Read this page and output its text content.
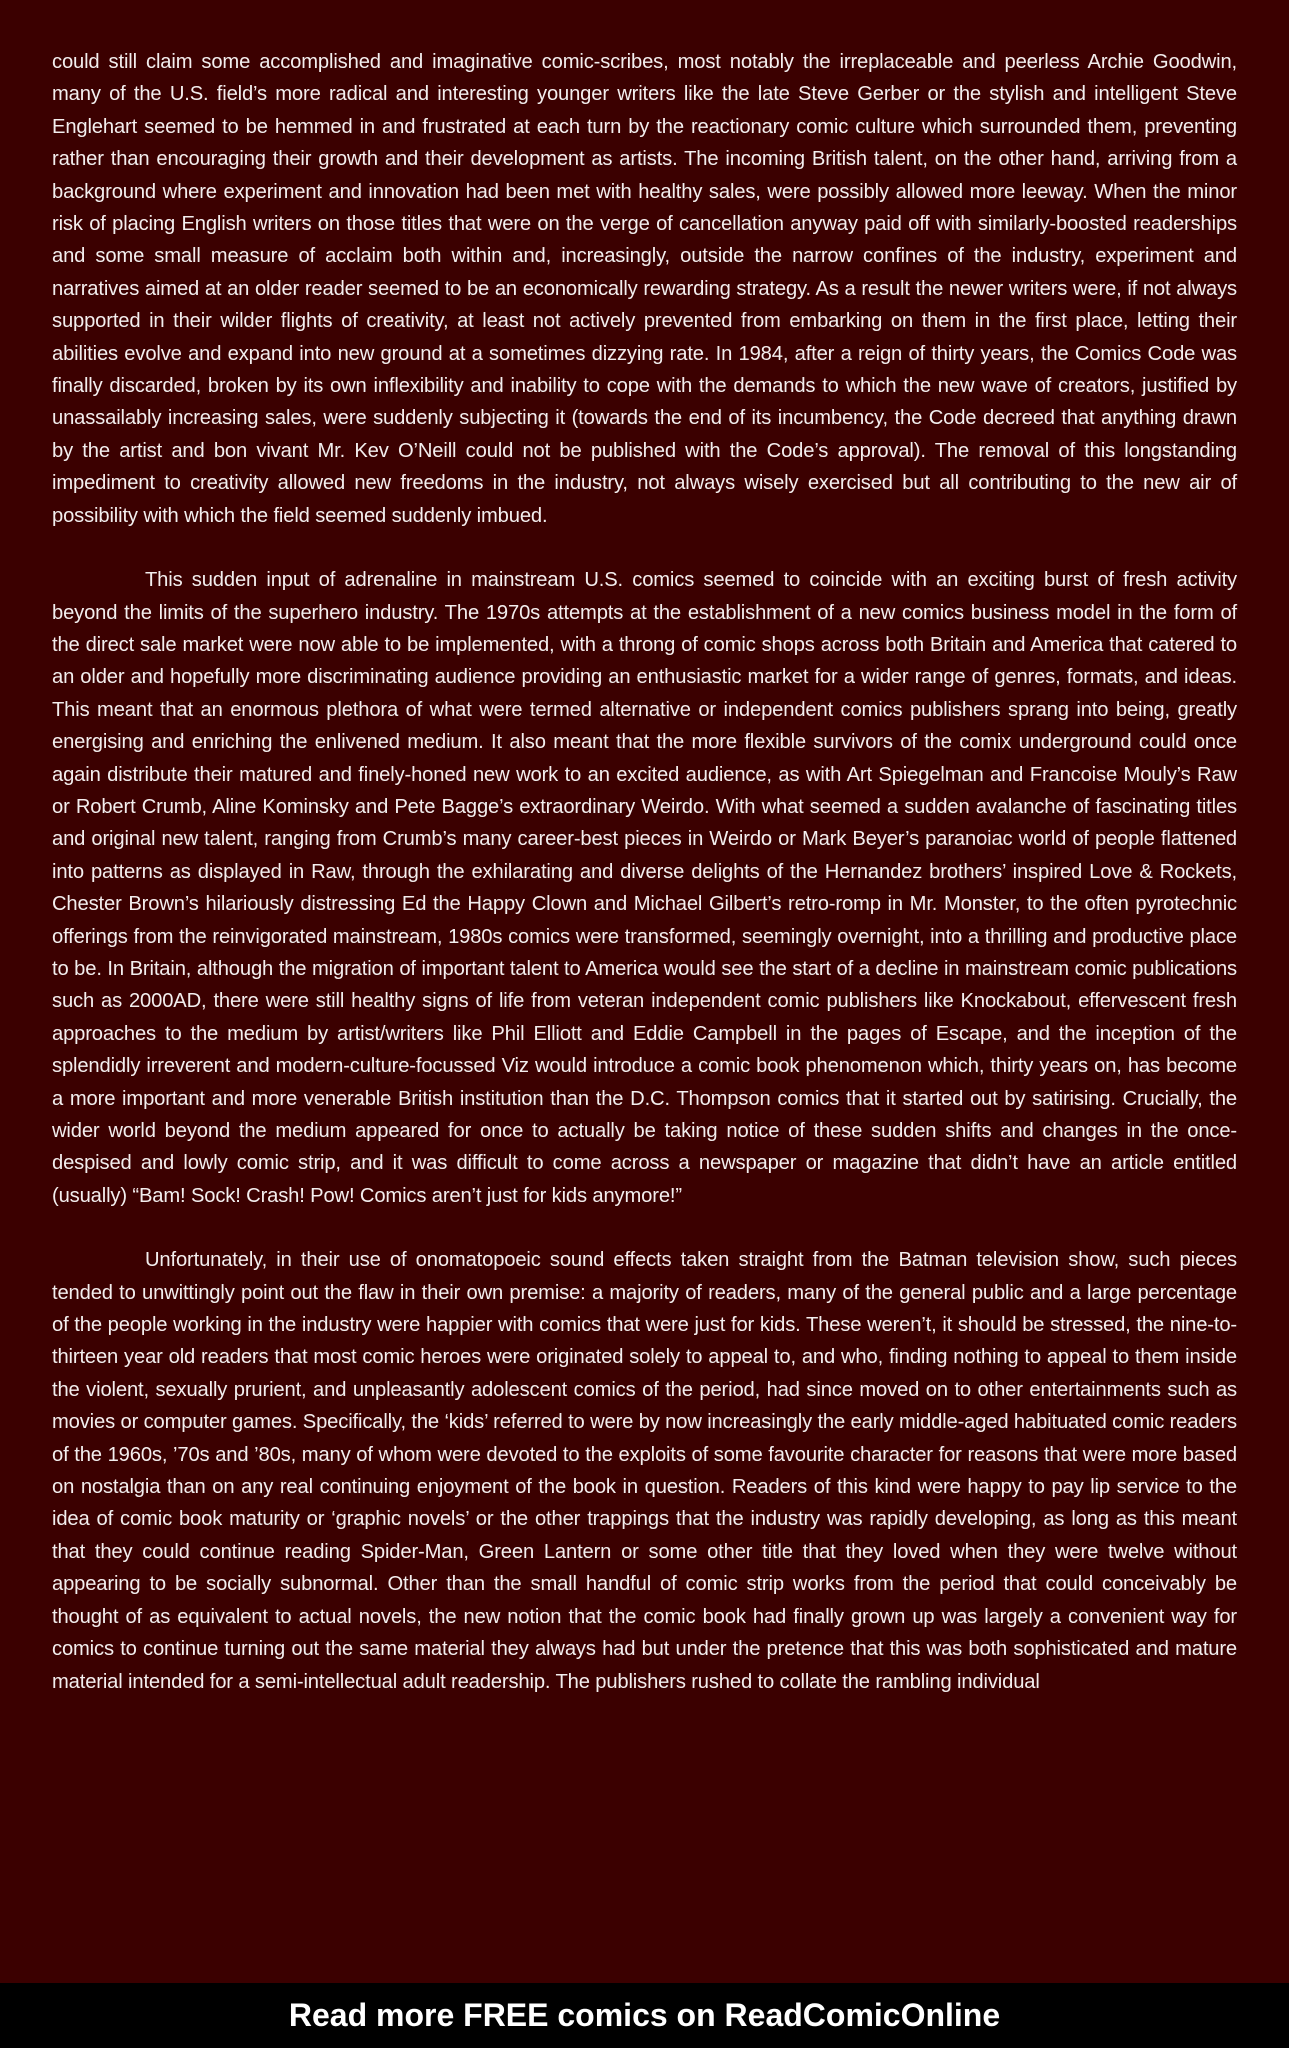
could still claim some accomplished and imaginative comic-scribes, most notably the irreplaceable and peerless Archie Goodwin, many of the U.S. field’s more radical and interesting younger writers like the late Steve Gerber or the stylish and intelligent Steve Englehart seemed to be hemmed in and frustrated at each turn by the reactionary comic culture which surrounded them, preventing rather than encouraging their growth and their development as artists. The incoming British talent, on the other hand, arriving from a background where experiment and innovation had been met with healthy sales, were possibly allowed more leeway. When the minor risk of placing English writers on those titles that were on the verge of cancellation anyway paid off with similarly-boosted readerships and some small measure of acclaim both within and, increasingly, outside the narrow confines of the industry, experiment and narratives aimed at an older reader seemed to be an economically rewarding strategy. As a result the newer writers were, if not always supported in their wilder flights of creativity, at least not actively prevented from embarking on them in the first place, letting their abilities evolve and expand into new ground at a sometimes dizzying rate. In 1984, after a reign of thirty years, the Comics Code was finally discarded, broken by its own inflexibility and inability to cope with the demands to which the new wave of creators, justified by unassailably increasing sales, were suddenly subjecting it (towards the end of its incumbency, the Code decreed that anything drawn by the artist and bon vivant Mr. Kev O’Neill could not be published with the Code’s approval). The removal of this longstanding impediment to creativity allowed new freedoms in the industry, not always wisely exercised but all contributing to the new air of possibility with which the field seemed suddenly imbued.

This sudden input of adrenaline in mainstream U.S. comics seemed to coincide with an exciting burst of fresh activity beyond the limits of the superhero industry. The 1970s attempts at the establishment of a new comics business model in the form of the direct sale market were now able to be implemented, with a throng of comic shops across both Britain and America that catered to an older and hopefully more discriminating audience providing an enthusiastic market for a wider range of genres, formats, and ideas. This meant that an enormous plethora of what were termed alternative or independent comics publishers sprang into being, greatly energising and enriching the enlivened medium. It also meant that the more flexible survivors of the comix underground could once again distribute their matured and finely-honed new work to an excited audience, as with Art Spiegelman and Francoise Mouly’s Raw or Robert Crumb, Aline Kominsky and Pete Bagge’s extraordinary Weirdo. With what seemed a sudden avalanche of fascinating titles and original new talent, ranging from Crumb’s many career-best pieces in Weirdo or Mark Beyer’s paranoiac world of people flattened into patterns as displayed in Raw, through the exhilarating and diverse delights of the Hernandez brothers’ inspired Love & Rockets, Chester Brown’s hilariously distressing Ed the Happy Clown and Michael Gilbert’s retro-romp in Mr. Monster, to the often pyrotechnic offerings from the reinvigorated mainstream, 1980s comics were transformed, seemingly overnight, into a thrilling and productive place to be. In Britain, although the migration of important talent to America would see the start of a decline in mainstream comic publications such as 2000AD, there were still healthy signs of life from veteran independent comic publishers like Knockabout, effervescent fresh approaches to the medium by artist/writers like Phil Elliott and Eddie Campbell in the pages of Escape, and the inception of the splendidly irreverent and modern-culture-focussed Viz would introduce a comic book phenomenon which, thirty years on, has become a more important and more venerable British institution than the D.C. Thompson comics that it started out by satirising. Crucially, the wider world beyond the medium appeared for once to actually be taking notice of these sudden shifts and changes in the once-despised and lowly comic strip, and it was difficult to come across a newspaper or magazine that didn’t have an article entitled (usually) “Bam! Sock! Crash! Pow! Comics aren’t just for kids anymore!”

Unfortunately, in their use of onomatopoeic sound effects taken straight from the Batman television show, such pieces tended to unwittingly point out the flaw in their own premise: a majority of readers, many of the general public and a large percentage of the people working in the industry were happier with comics that were just for kids. These weren’t, it should be stressed, the nine-to-thirteen year old readers that most comic heroes were originated solely to appeal to, and who, finding nothing to appeal to them inside the violent, sexually prurient, and unpleasantly adolescent comics of the period, had since moved on to other entertainments such as movies or computer games. Specifically, the ‘kids’ referred to were by now increasingly the early middle-aged habituated comic readers of the 1960s, ’70s and ’80s, many of whom were devoted to the exploits of some favourite character for reasons that were more based on nostalgia than on any real continuing enjoyment of the book in question. Readers of this kind were happy to pay lip service to the idea of comic book maturity or ‘graphic novels’ or the other trappings that the industry was rapidly developing, as long as this meant that they could continue reading Spider-Man, Green Lantern or some other title that they loved when they were twelve without appearing to be socially subnormal. Other than the small handful of comic strip works from the period that could conceivably be thought of as equivalent to actual novels, the new notion that the comic book had finally grown up was largely a convenient way for comics to continue turning out the same material they always had but under the pretence that this was both sophisticated and mature material intended for a semi-intellectual adult readership. The publishers rushed to collate the rambling individual

Read more FREE comics on ReadComicOnline
